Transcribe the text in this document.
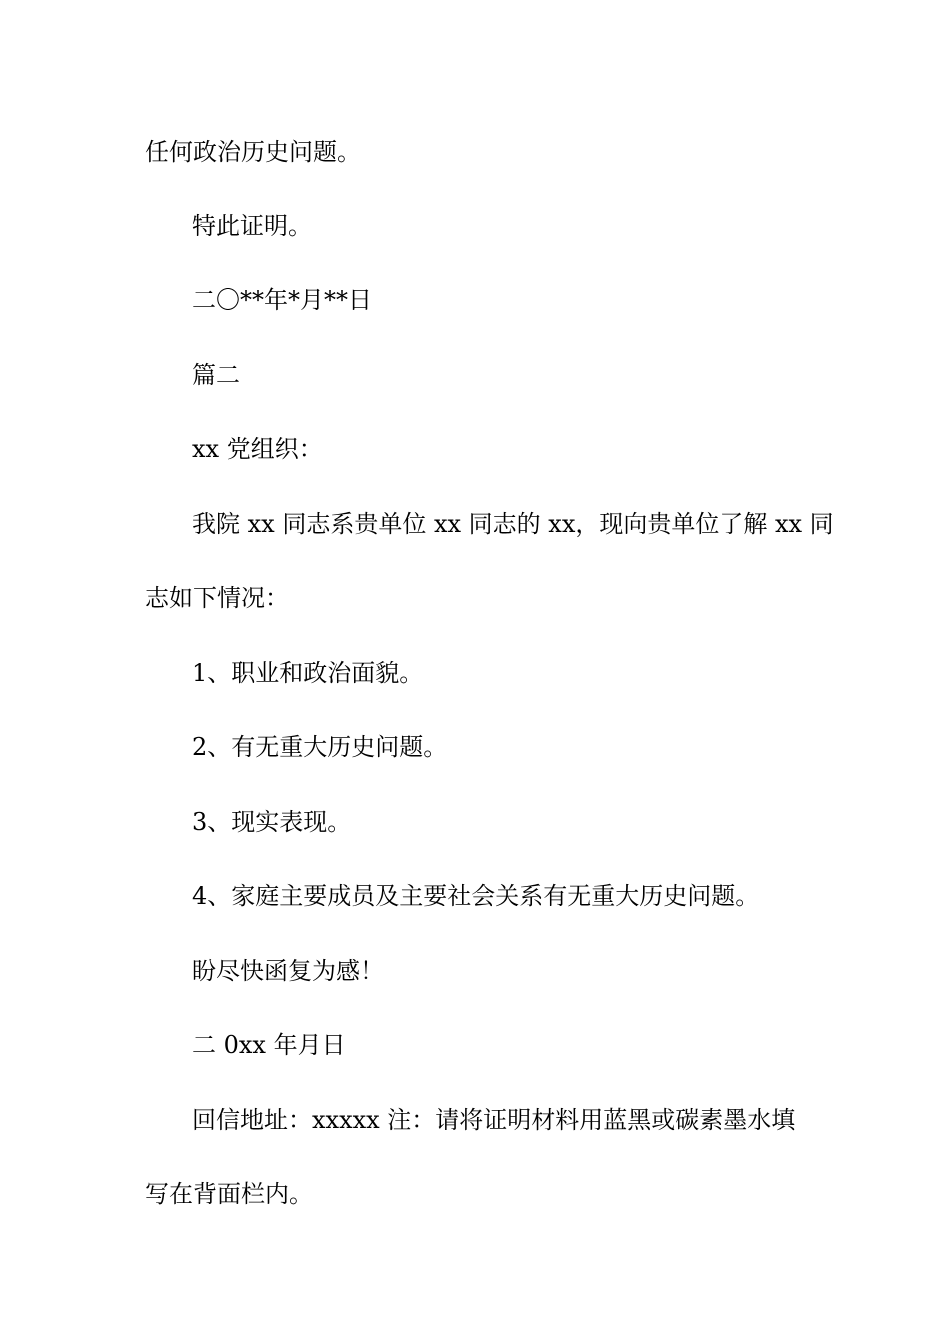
任何政治历史问题。

特此证明。

二〇**年*月**日

篇二

xx 党组织：

我院 xx 同志系贵单位 xx 同志的 xx，现向贵单位了解 xx 同

志如下情况：

1、职业和政治面貌。

2、有无重大历史问题。

3、现实表现。

4、家庭主要成员及主要社会关系有无重大历史问题。

盼尽快函复为感！

二 0xx 年月日

回信地址：xxxxx 注：请将证明材料用蓝黑或碳素墨水填

写在背面栏内。
